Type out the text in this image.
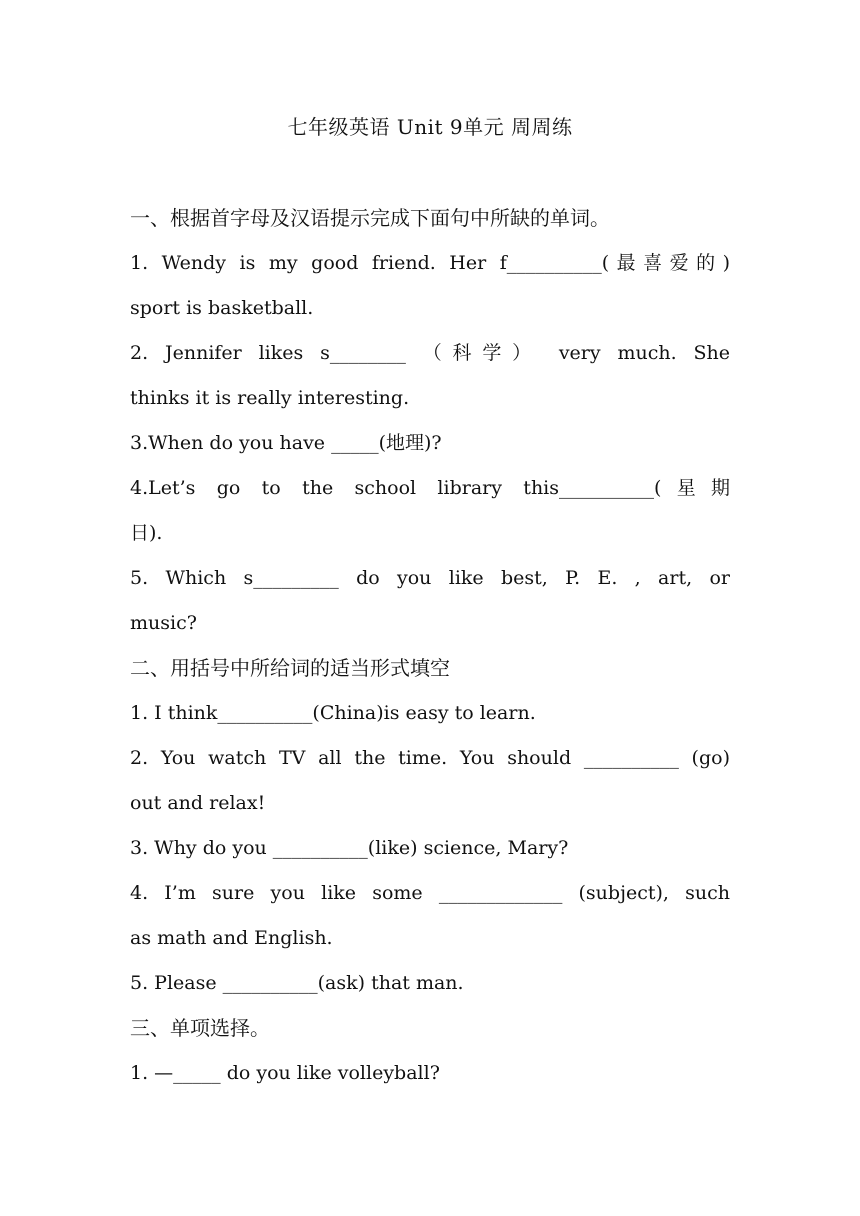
七年级英语 Unit 9单元 周周练
一、根据首字母及汉语提示完成下面句中所缺的单词。
1. Wendy is my good friend. Her f__________(最喜爱的)
sport is basketball.
2. Jennifer likes s________ （科学） very much. She
thinks it is really interesting.
3.When do you have _____(地理)?
4.Let’s go to the school library this__________(星期
日).
5. Which s_________ do you like best, P. E. , art, or
music?
二、用括号中所给词的适当形式填空
1. I think__________(China)is easy to learn.
2. You watch TV all the time. You should __________ (go)
out and relax!
3. Why do you __________(like) science, Mary?
4. I’m sure you like some _____________ (subject), such
as math and English.
5. Please __________(ask) that man.
三、单项选择。
1. —_____ do you like volleyball?
